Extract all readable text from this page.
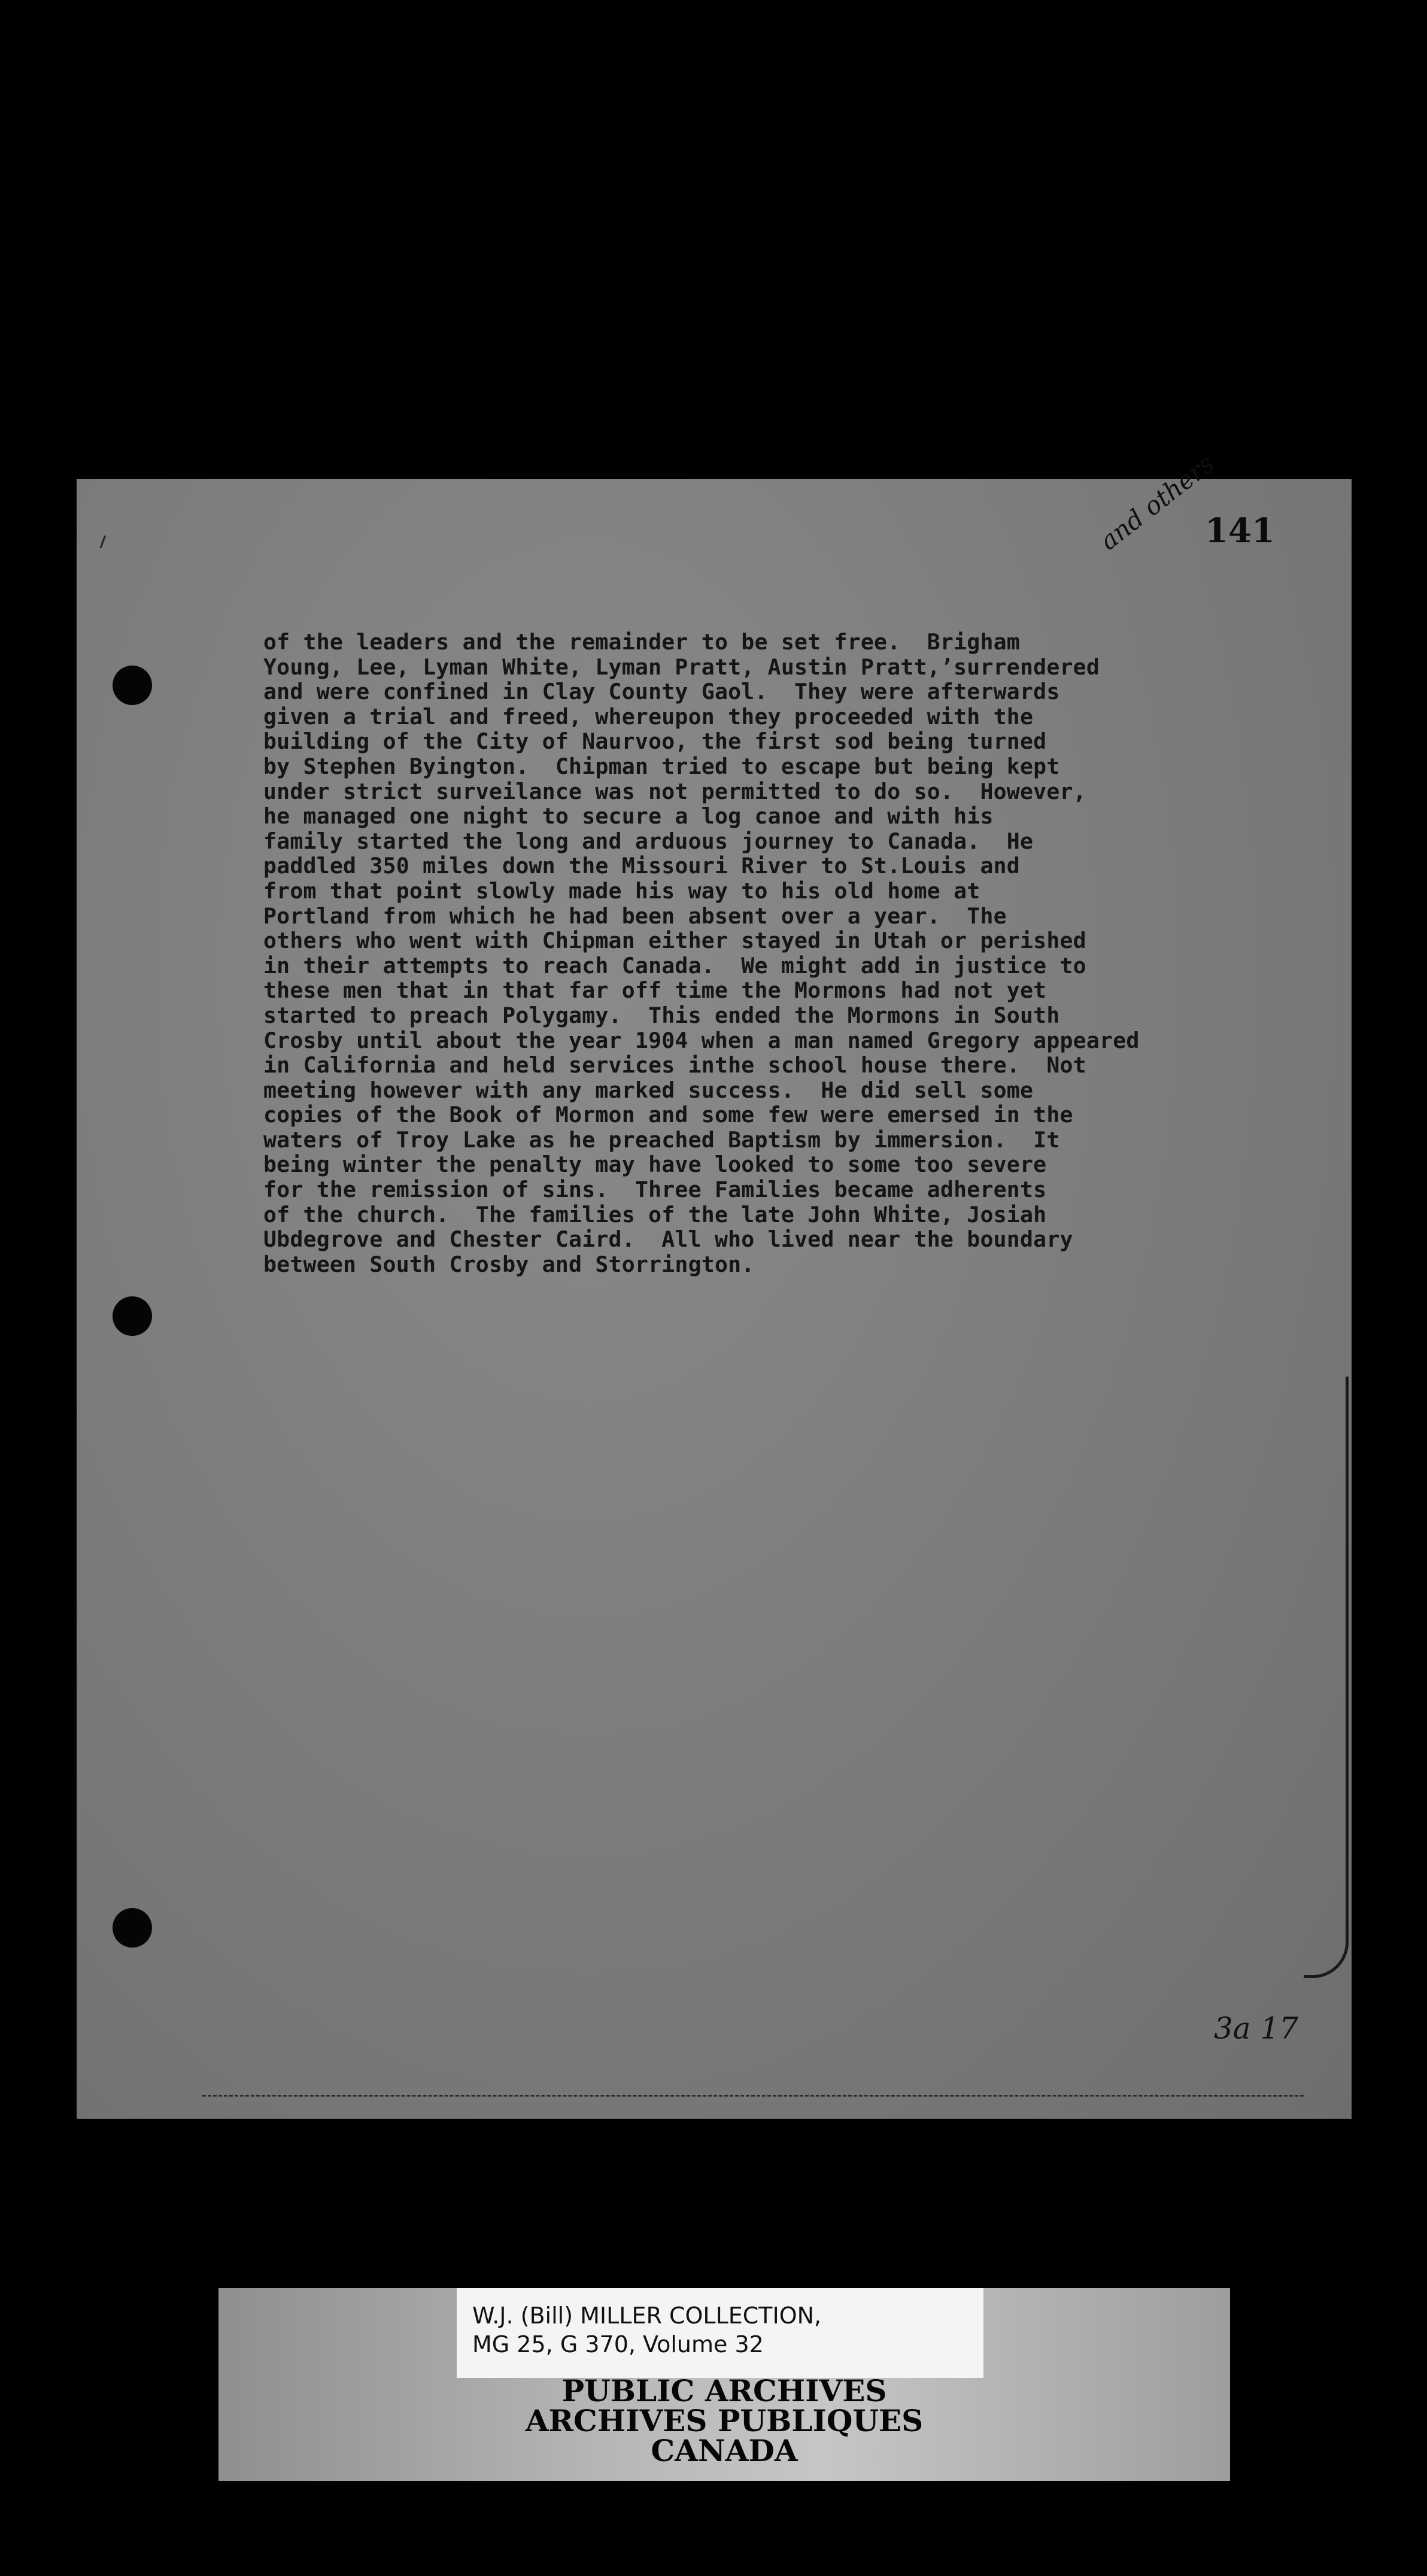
and others
141
of the leaders and the remainder to be set free.  Brigham
Young, Lee, Lyman White, Lyman Pratt, Austin Pratt,’surrendered
and were confined in Clay County Gaol.  They were afterwards
given a trial and freed, whereupon they proceeded with the
building of the City of Naurvoo, the first sod being turned
by Stephen Byington.  Chipman tried to escape but being kept
under strict surveilance was not permitted to do so.  However,
he managed one night to secure a log canoe and with his
family started the long and arduous journey to Canada.  He
paddled 350 miles down the Missouri River to St.Louis and
from that point slowly made his way to his old home at
Portland from which he had been absent over a year.  The
others who went with Chipman either stayed in Utah or perished
in their attempts to reach Canada.  We might add in justice to
these men that in that far off time the Mormons had not yet
started to preach Polygamy.  This ended the Mormons in South
Crosby until about the year 1904 when a man named Gregory appeared
in California and held services inthe school house there.  Not
meeting however with any marked success.  He did sell some
copies of the Book of Mormon and some few were emersed in the
waters of Troy Lake as he preached Baptism by immersion.  It
being winter the penalty may have looked to some too severe
for the remission of sins.  Three Families became adherents
of the church.  The families of the late John White, Josiah
Ubdegrove and Chester Caird.  All who lived near the boundary
between South Crosby and Storrington.
3a 17
W.J. (Bill) MILLER COLLECTION,
MG 25, G 370, Volume 32
PUBLIC ARCHIVES
ARCHIVES PUBLIQUES
CANADA
